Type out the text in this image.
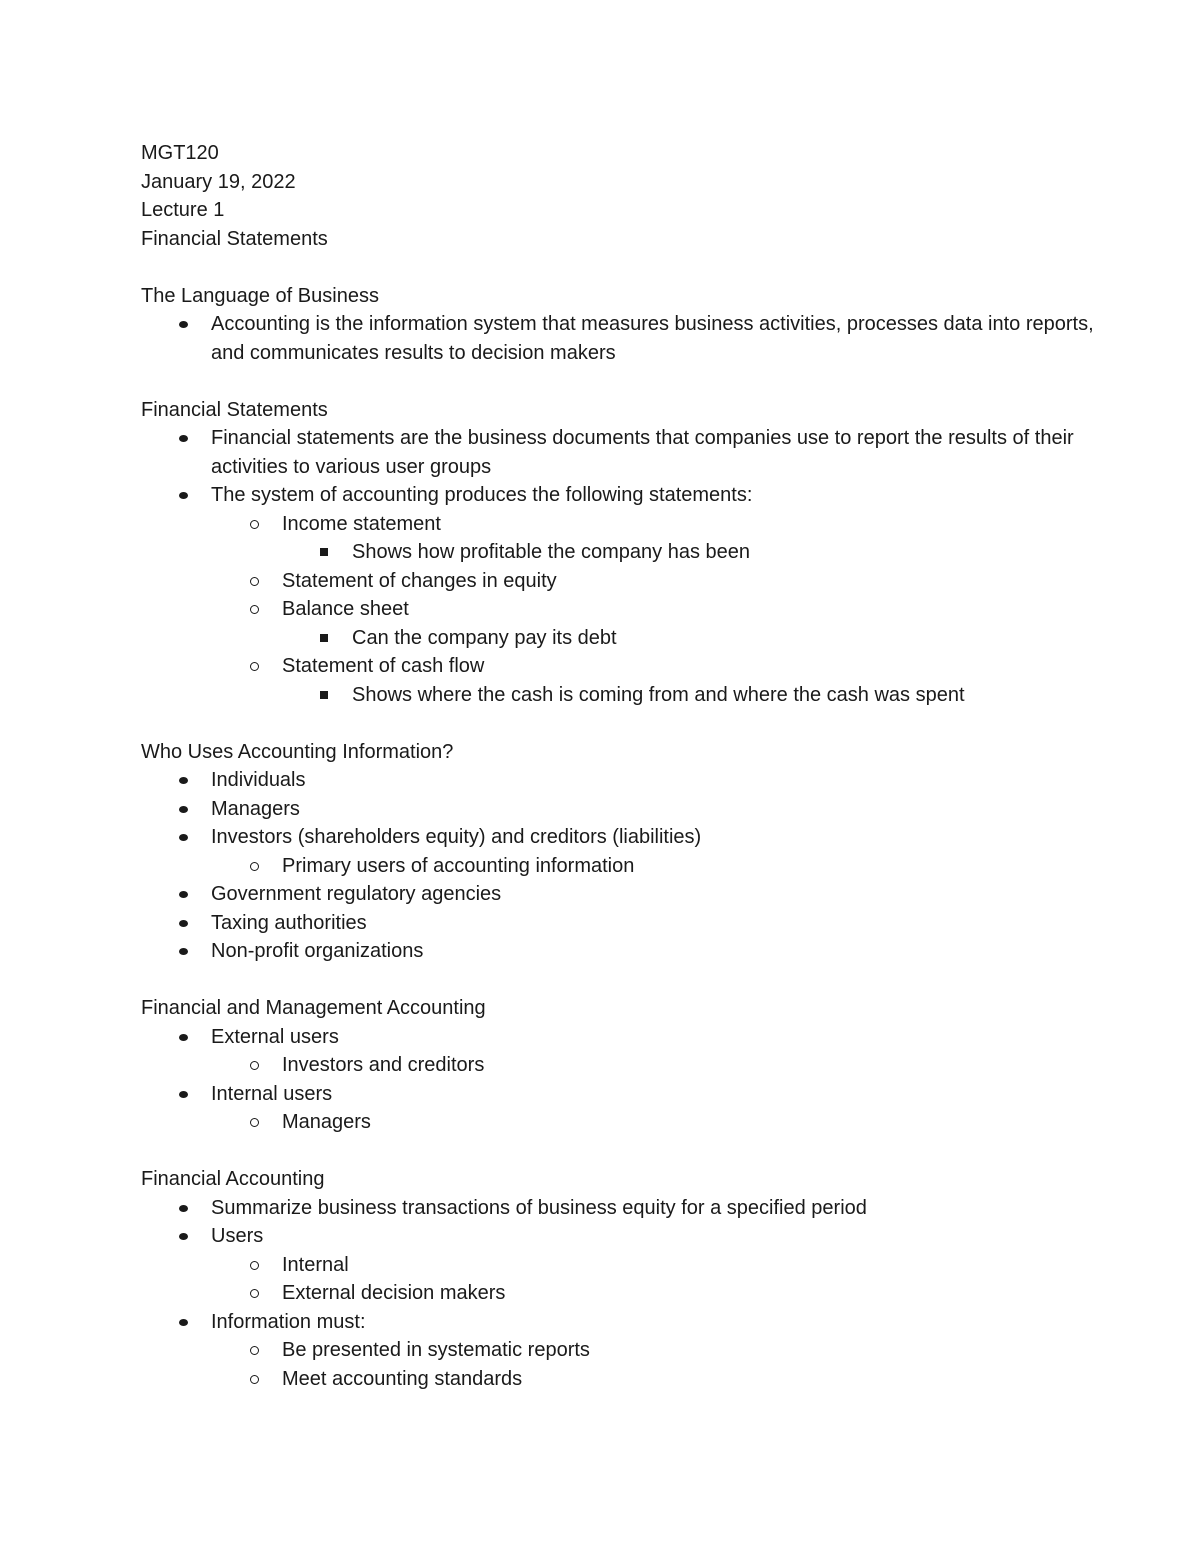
MGT120
January 19, 2022
Lecture 1
Financial Statements
The Language of Business
Accounting is the information system that measures business activities, processes data into reports, and communicates results to decision makers
Financial Statements
Financial statements are the business documents that companies use to report the results of their activities to various user groups
The system of accounting produces the following statements:
Income statement
Shows how profitable the company has been
Statement of changes in equity
Balance sheet
Can the company pay its debt
Statement of cash flow
Shows where the cash is coming from and where the cash was spent
Who Uses Accounting Information?
Individuals
Managers
Investors (shareholders equity) and creditors (liabilities)
Primary users of accounting information
Government regulatory agencies
Taxing authorities
Non-profit organizations
Financial and Management Accounting
External users
Investors and creditors
Internal users
Managers
Financial Accounting
Summarize business transactions of business equity for a specified period
Users
Internal
External decision makers
Information must:
Be presented in systematic reports
Meet accounting standards
